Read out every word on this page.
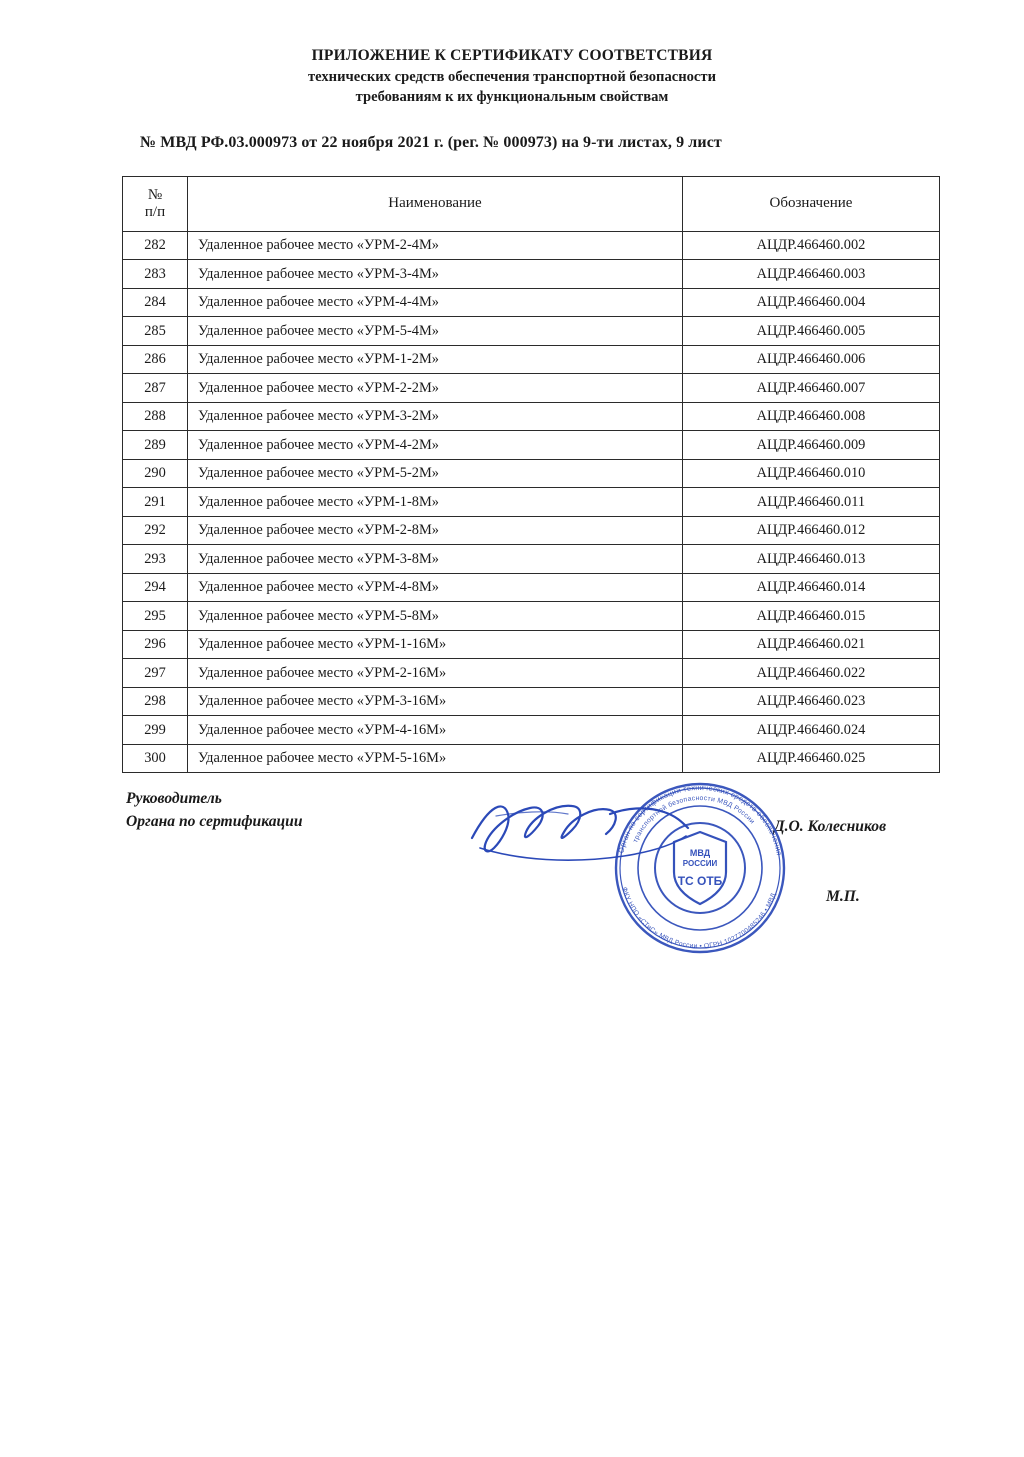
ПРИЛОЖЕНИЕ К СЕРТИФИКАТУ СООТВЕТСТВИЯ
технических средств обеспечения транспортной безопасности
требованиям к их функциональным свойствам
№ МВД РФ.03.000973 от 22 ноября 2021 г. (рег. № 000973) на 9-ти листах, 9 лист
№
п/п	Наименование	Обозначение
282	Удаленное рабочее место «УРМ-2-4М»	АЦДР.466460.002
283	Удаленное рабочее место «УРМ-3-4М»	АЦДР.466460.003
284	Удаленное рабочее место «УРМ-4-4М»	АЦДР.466460.004
285	Удаленное рабочее место «УРМ-5-4М»	АЦДР.466460.005
286	Удаленное рабочее место «УРМ-1-2М»	АЦДР.466460.006
287	Удаленное рабочее место «УРМ-2-2М»	АЦДР.466460.007
288	Удаленное рабочее место «УРМ-3-2М»	АЦДР.466460.008
289	Удаленное рабочее место «УРМ-4-2М»	АЦДР.466460.009
290	Удаленное рабочее место «УРМ-5-2М»	АЦДР.466460.010
291	Удаленное рабочее место «УРМ-1-8М»	АЦДР.466460.011
292	Удаленное рабочее место «УРМ-2-8М»	АЦДР.466460.012
293	Удаленное рабочее место «УРМ-3-8М»	АЦДР.466460.013
294	Удаленное рабочее место «УРМ-4-8М»	АЦДР.466460.014
295	Удаленное рабочее место «УРМ-5-8М»	АЦДР.466460.015
296	Удаленное рабочее место «УРМ-1-16М»	АЦДР.466460.021
297	Удаленное рабочее место «УРМ-2-16М»	АЦДР.466460.022
298	Удаленное рабочее место «УРМ-3-16М»	АЦДР.466460.023
299	Удаленное рабочее место «УРМ-4-16М»	АЦДР.466460.024
300	Удаленное рабочее место «УРМ-5-16М»	АЦДР.466460.025
Руководитель
Органа по сертификации	Д.О. Колесников
М.П.
Орган по сертификации технических средств обеспечения
транспортной безопасности МВД России
ФКУ НПО «СТиС» МВД России • ОГРН 1027700485246 • МВД
МВД
РОССИИ
ТС ОТБ
